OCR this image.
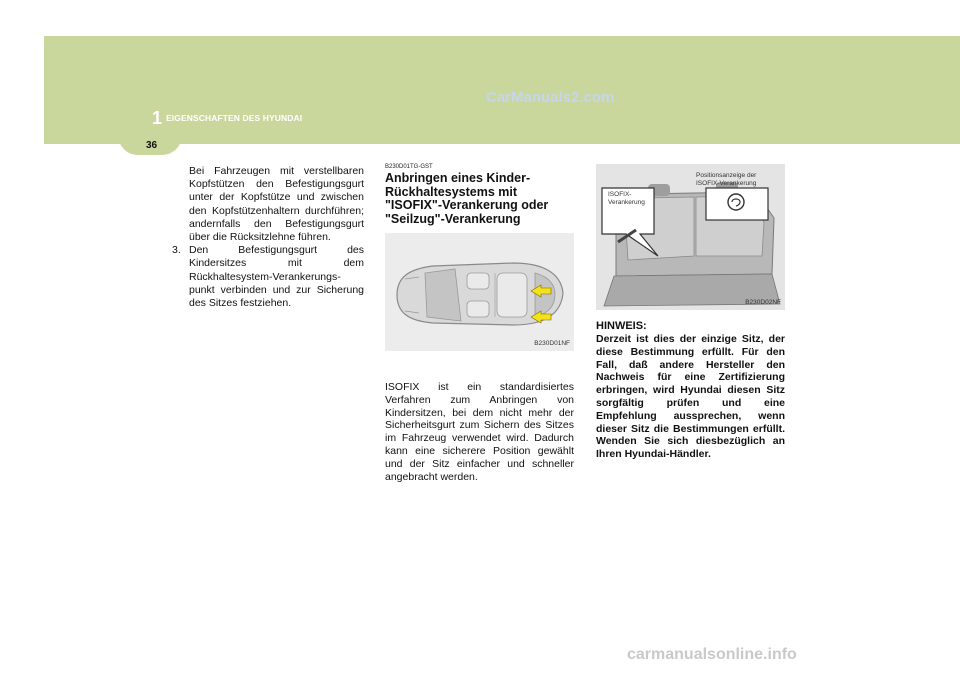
1 EIGENSCHAFTEN DES HYUNDAI
CarManuals2.com
36

Bei Fahrzeugen mit verstellbaren Kopfstützen den Befestigungsgurt unter der Kopfstütze und zwischen den Kopfstützenhaltern durchführen; andernfalls den Befestigungsgurt über die Rücksitzlehne führen.

3. Den Befestigungsgurt des Kindersitzes mit dem Rückhaltesystem-Verankerungs-punkt verbinden und zur Sicherung des Sitzes festziehen.
B230D01TG-GST
Anbringen eines Kinder-Rückhaltesystems mit "ISOFIX"-Verankerung oder "Seilzug"-Verankerung
B230D01NF
ISOFIX ist ein standardisiertes Verfahren zum Anbringen von Kindersitzen, bei dem nicht mehr der Sicherheitsgurt zum Sichern des Sitzes im Fahrzeug verwendet wird. Dadurch kann eine sicherere Position gewählt und der Sitz einfacher und schneller angebracht werden.
ISOFIX-Verankerung
Positionsanzeige der
ISOFIX-Verankerung
B230D02NF
HINWEIS:
Derzeit ist dies der einzige Sitz, der diese Bestimmung erfüllt. Für den Fall, daß andere Hersteller den Nachweis für eine Zertifizierung erbringen, wird Hyundai diesen Sitz sorgfältig prüfen und eine Empfehlung aussprechen, wenn dieser Sitz die Bestimmungen erfüllt. Wenden Sie sich diesbezüglich an Ihren Hyundai-Händler.
carmanualsonline.info
